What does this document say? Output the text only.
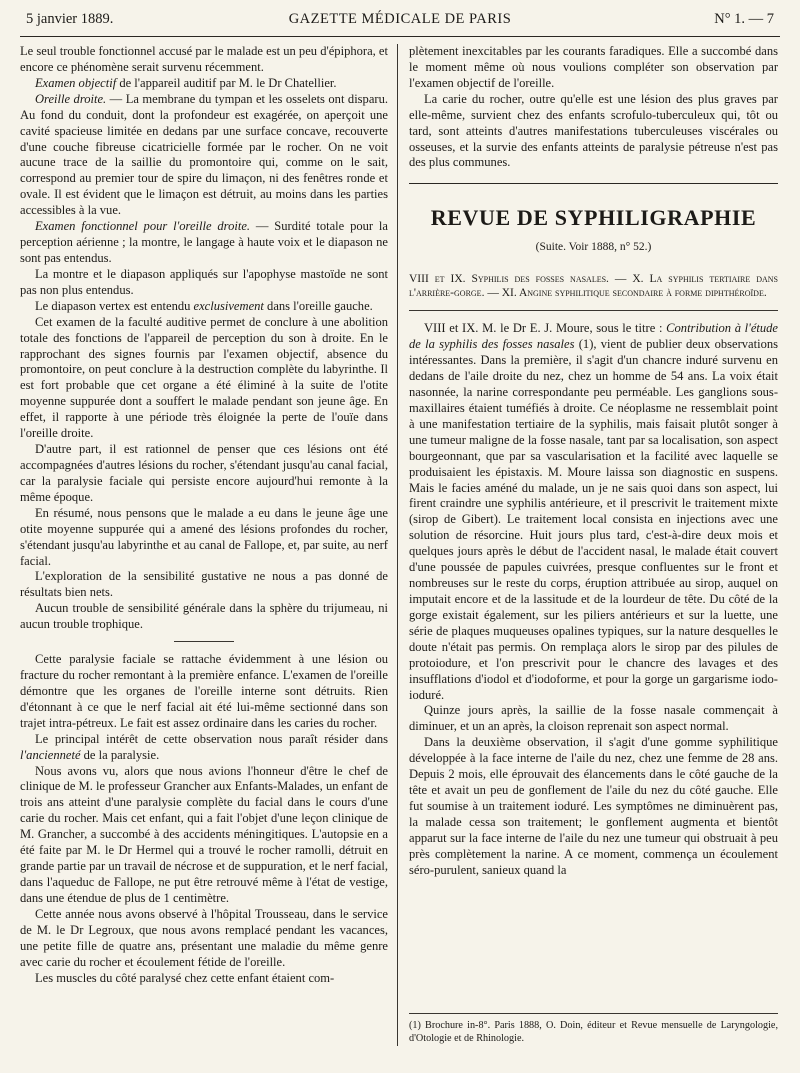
5 janvier 1889.	GAZETTE MÉDICALE DE PARIS	N° 1. — 7

Le seul trouble fonctionnel accusé par le malade est un peu d'épiphora, et encore ce phénomène serait survenu récemment.

Examen objectif de l'appareil auditif par M. le Dr Chatellier.

Oreille droite. — La membrane du tympan et les osselets ont disparu. Au fond du conduit, dont la profondeur est exagérée, on aperçoit une cavité spacieuse limitée en dedans par une surface concave, recouverte d'une couche fibreuse cicatricielle formée par le rocher. On ne voit aucune trace de la saillie du promontoire qui, comme on le sait, correspond au premier tour de spire du limaçon, ni des fenêtres ronde et ovale. Il est évident que le limaçon est détruit, au moins dans les parties accessibles à la vue.

Examen fonctionnel pour l'oreille droite. — Surdité totale pour la perception aérienne ; la montre, le langage à haute voix et le diapason ne sont pas entendus.

La montre et le diapason appliqués sur l'apophyse mastoïde ne sont pas non plus entendus.

Le diapason vertex est entendu exclusivement dans l'oreille gauche.

Cet examen de la faculté auditive permet de conclure à une abolition totale des fonctions de l'appareil de perception du son à droite. En le rapprochant des signes fournis par l'examen objectif, absence du promontoire, on peut conclure à la destruction complète du labyrinthe. Il est fort probable que cet organe a été éliminé à la suite de l'otite moyenne suppurée dont a souffert le malade pendant son jeune âge. En effet, il rapporte à une période très éloignée la perte de l'ouïe dans l'oreille droite.

D'autre part, il est rationnel de penser que ces lésions ont été accompagnées d'autres lésions du rocher, s'étendant jusqu'au canal facial, car la paralysie faciale qui persiste encore aujourd'hui remonte à la même époque.

En résumé, nous pensons que le malade a eu dans le jeune âge une otite moyenne suppurée qui a amené des lésions profondes du rocher, s'étendant jusqu'au labyrinthe et au canal de Fallope, et, par suite, au nerf facial.

L'exploration de la sensibilité gustative ne nous a pas donné de résultats bien nets.

Aucun trouble de sensibilité générale dans la sphère du trijumeau, ni aucun trouble trophique.

Cette paralysie faciale se rattache évidemment à une lésion ou fracture du rocher remontant à la première enfance. L'examen de l'oreille démontre que les organes de l'oreille interne sont détruits. Rien d'étonnant à ce que le nerf facial ait été lui-même sectionné dans son trajet intra-pétreux. Le fait est assez ordinaire dans les caries du rocher.

Le principal intérêt de cette observation nous paraît résider dans l'ancienneté de la paralysie.

Nous avons vu, alors que nous avions l'honneur d'être le chef de clinique de M. le professeur Grancher aux Enfants-Malades, un enfant de trois ans atteint d'une paralysie complète du facial dans le cours d'une carie du rocher. Mais cet enfant, qui a fait l'objet d'une leçon clinique de M. Grancher, a succombé à des accidents méningitiques. L'autopsie en a été faite par M. le Dr Hermel qui a trouvé le rocher ramolli, détruit en grande partie par un travail de nécrose et de suppuration, et le nerf facial, dans l'aqueduc de Fallope, ne put être retrouvé même à l'état de vestige, dans une étendue de plus de 1 centimètre.

Cette année nous avons observé à l'hôpital Trousseau, dans le service de M. le Dr Legroux, que nous avons remplacé pendant les vacances, une petite fille de quatre ans, présentant une maladie du même genre avec carie du rocher et écoulement fétide de l'oreille.

Les muscles du côté paralysé chez cette enfant étaient com-

plètement inexcitables par les courants faradiques. Elle a succombé dans le moment même où nous voulions compléter son observation par l'examen objectif de l'oreille.

La carie du rocher, outre qu'elle est une lésion des plus graves par elle-même, survient chez des enfants scrofulo-tuberculeux qui, tôt ou tard, sont atteints d'autres manifestations tuberculeuses viscérales ou osseuses, et la survie des enfants atteints de paralysie pétreuse n'est pas des plus communes.

REVUE DE SYPHILIGRAPHIE
(Suite. Voir 1888, n° 52.)
VIII et IX. Syphilis des fosses nasales. — X. La syphilis tertiaire dans l'arrière-gorge. — XI. Angine syphilitique secondaire à forme diphthéroïde.

VIII et IX. M. le Dr E. J. Moure, sous le titre : Contribution à l'étude de la syphilis des fosses nasales (1), vient de publier deux observations intéressantes. Dans la première, il s'agit d'un chancre induré survenu en dedans de l'aile droite du nez, chez un homme de 54 ans. La voix était nasonnée, la narine correspondante peu perméable. Les ganglions sous-maxillaires étaient tuméfiés à droite. Ce néoplasme ne ressemblait point à une manifestation tertiaire de la syphilis, mais faisait plutôt songer à une tumeur maligne de la fosse nasale, tant par sa localisation, son aspect bourgeonnant, que par sa vascularisation et la facilité avec laquelle se produisaient les épistaxis. M. Moure laissa son diagnostic en suspens. Mais le facies améné du malade, un je ne sais quoi dans son aspect, lui firent craindre une syphilis antérieure, et il prescrivit le traitement mixte (sirop de Gibert). Le traitement local consista en injections avec une solution de résorcine. Huit jours plus tard, c'est-à-dire deux mois et quelques jours après le début de l'accident nasal, le malade était couvert d'une poussée de papules cuivrées, presque confluentes sur le front et nombreuses sur le reste du corps, éruption attribuée au sirop, auquel on imputait encore et de la lassitude et de la lourdeur de tête. Du côté de la gorge existait également, sur les piliers antérieurs et sur la luette, une série de plaques muqueuses opalines typiques, sur la nature desquelles le doute n'était pas permis. On remplaça alors le sirop par des pilules de protoiodure, et l'on prescrivit pour le chancre des lavages et des insufflations d'iodol et d'iodoforme, et pour la gorge un gargarisme iodo-ioduré.

Quinze jours après, la saillie de la fosse nasale commençait à diminuer, et un an après, la cloison reprenait son aspect normal.

Dans la deuxième observation, il s'agit d'une gomme syphilitique développée à la face interne de l'aile du nez, chez une femme de 28 ans. Depuis 2 mois, elle éprouvait des élancements dans le côté gauche de la tête et avait un peu de gonflement de l'aile du nez du côté gauche. Elle fut soumise à un traitement ioduré. Les symptômes ne diminuèrent pas, la malade cessa son traitement; le gonflement augmenta et bientôt apparut sur la face interne de l'aile du nez une tumeur qui obstruait à peu près complètement la narine. A ce moment, commença un écoulement séro-purulent, sanieux quand la

(1) Brochure in-8°. Paris 1888, O. Doin, éditeur et Revue mensuelle de Laryngologie, d'Otologie et de Rhinologie.
